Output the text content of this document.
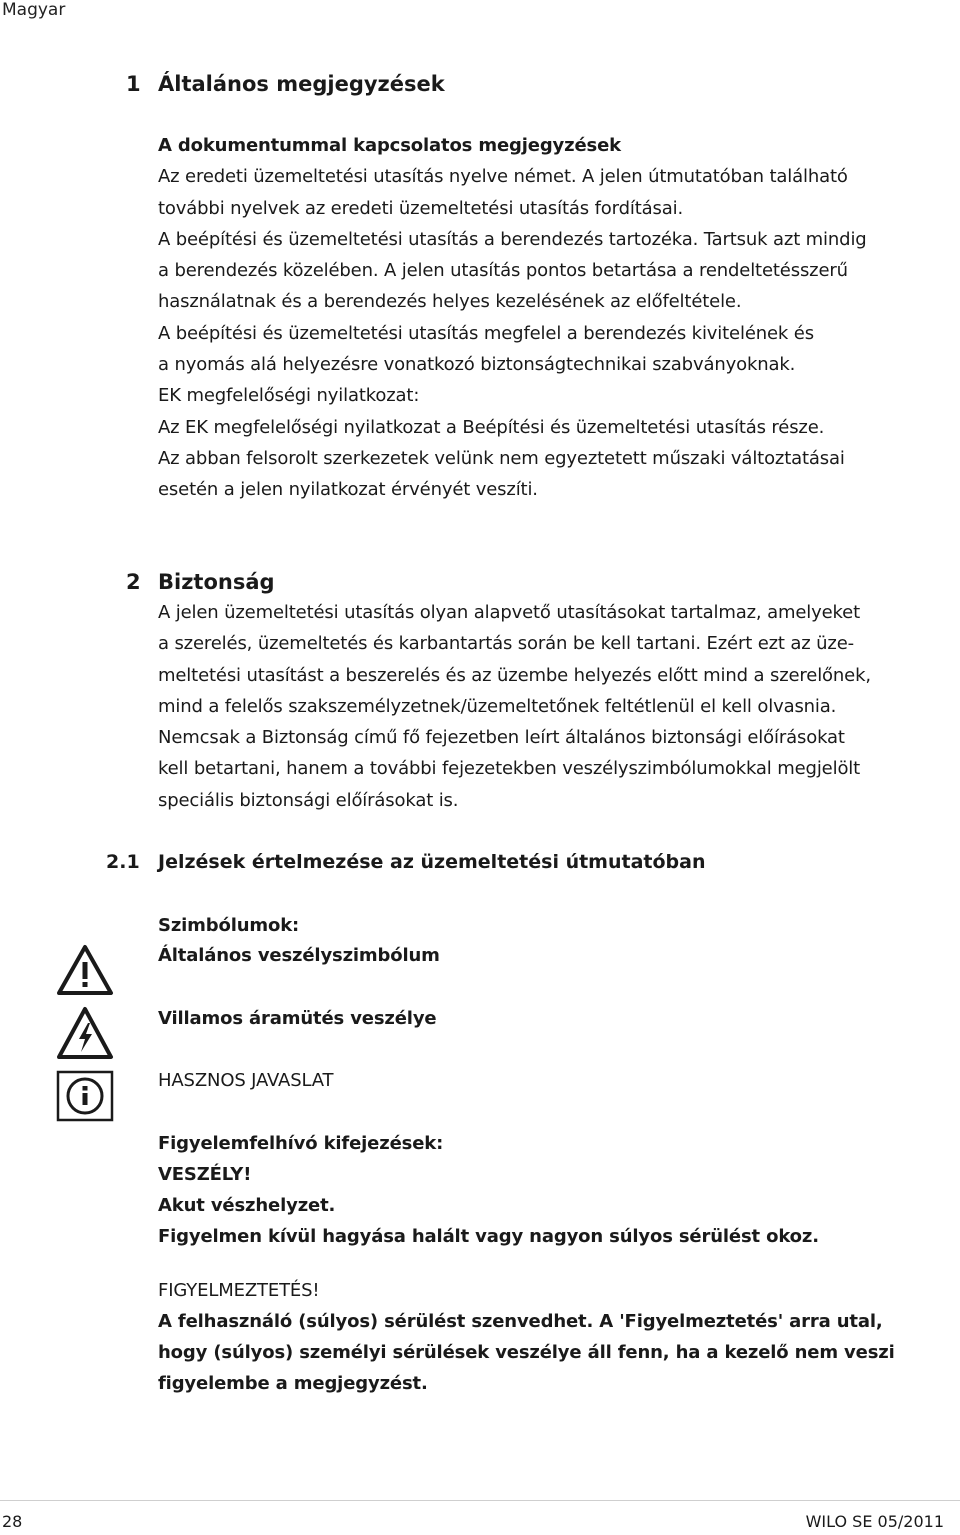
Magyar
1 Általános megjegyzések
A dokumentummal kapcsolatos megjegyzések
Az eredeti üzemeltetési utasítás nyelve német. A jelen útmutatóban található
további nyelvek az eredeti üzemeltetési utasítás fordításai.
A beépítési és üzemeltetési utasítás a berendezés tartozéka. Tartsuk azt mindig
a berendezés közelében. A jelen utasítás pontos betartása a rendeltetésszerű
használatnak és a berendezés helyes kezelésének az előfeltétele.
A beépítési és üzemeltetési utasítás megfelel a berendezés kivitelének és
a nyomás alá helyezésre vonatkozó biztonságtechnikai szabványoknak.
EK megfelelőségi nyilatkozat:
Az EK megfelelőségi nyilatkozat a Beépítési és üzemeltetési utasítás része.
Az abban felsorolt szerkezetek velünk nem egyeztetett műszaki változtatásai
esetén a jelen nyilatkozat érvényét veszíti.
2 Biztonság
A jelen üzemeltetési utasítás olyan alapvető utasításokat tartalmaz, amelyeket
a szerelés, üzemeltetés és karbantartás során be kell tartani. Ezért ezt az üze-
meltetési utasítást a beszerelés és az üzembe helyezés előtt mind a szerelőnek,
mind a felelős szakszemélyzetnek/üzemeltetőnek feltétlenül el kell olvasnia.
Nemcsak a Biztonság című fő fejezetben leírt általános biztonsági előírásokat
kell betartani, hanem a további fejezetekben veszélyszimbólumokkal megjelölt
speciális biztonsági előírásokat is.
2.1 Jelzések értelmezése az üzemeltetési útmutatóban
Szimbólumok:
Általános veszélyszimbólum
Villamos áramütés veszélye
HASZNOS JAVASLAT
Figyelemfelhívó kifejezések:
VESZÉLY!
Akut vészhelyzet.
Figyelmen kívül hagyása halált vagy nagyon súlyos sérülést okoz.
FIGYELMEZTETÉS!
A felhasználó (súlyos) sérülést szenvedhet. A 'Figyelmeztetés' arra utal,
hogy (súlyos) személyi sérülések veszélye áll fenn, ha a kezelő nem veszi
figyelembe a megjegyzést.
28	WILO SE 05/2011
